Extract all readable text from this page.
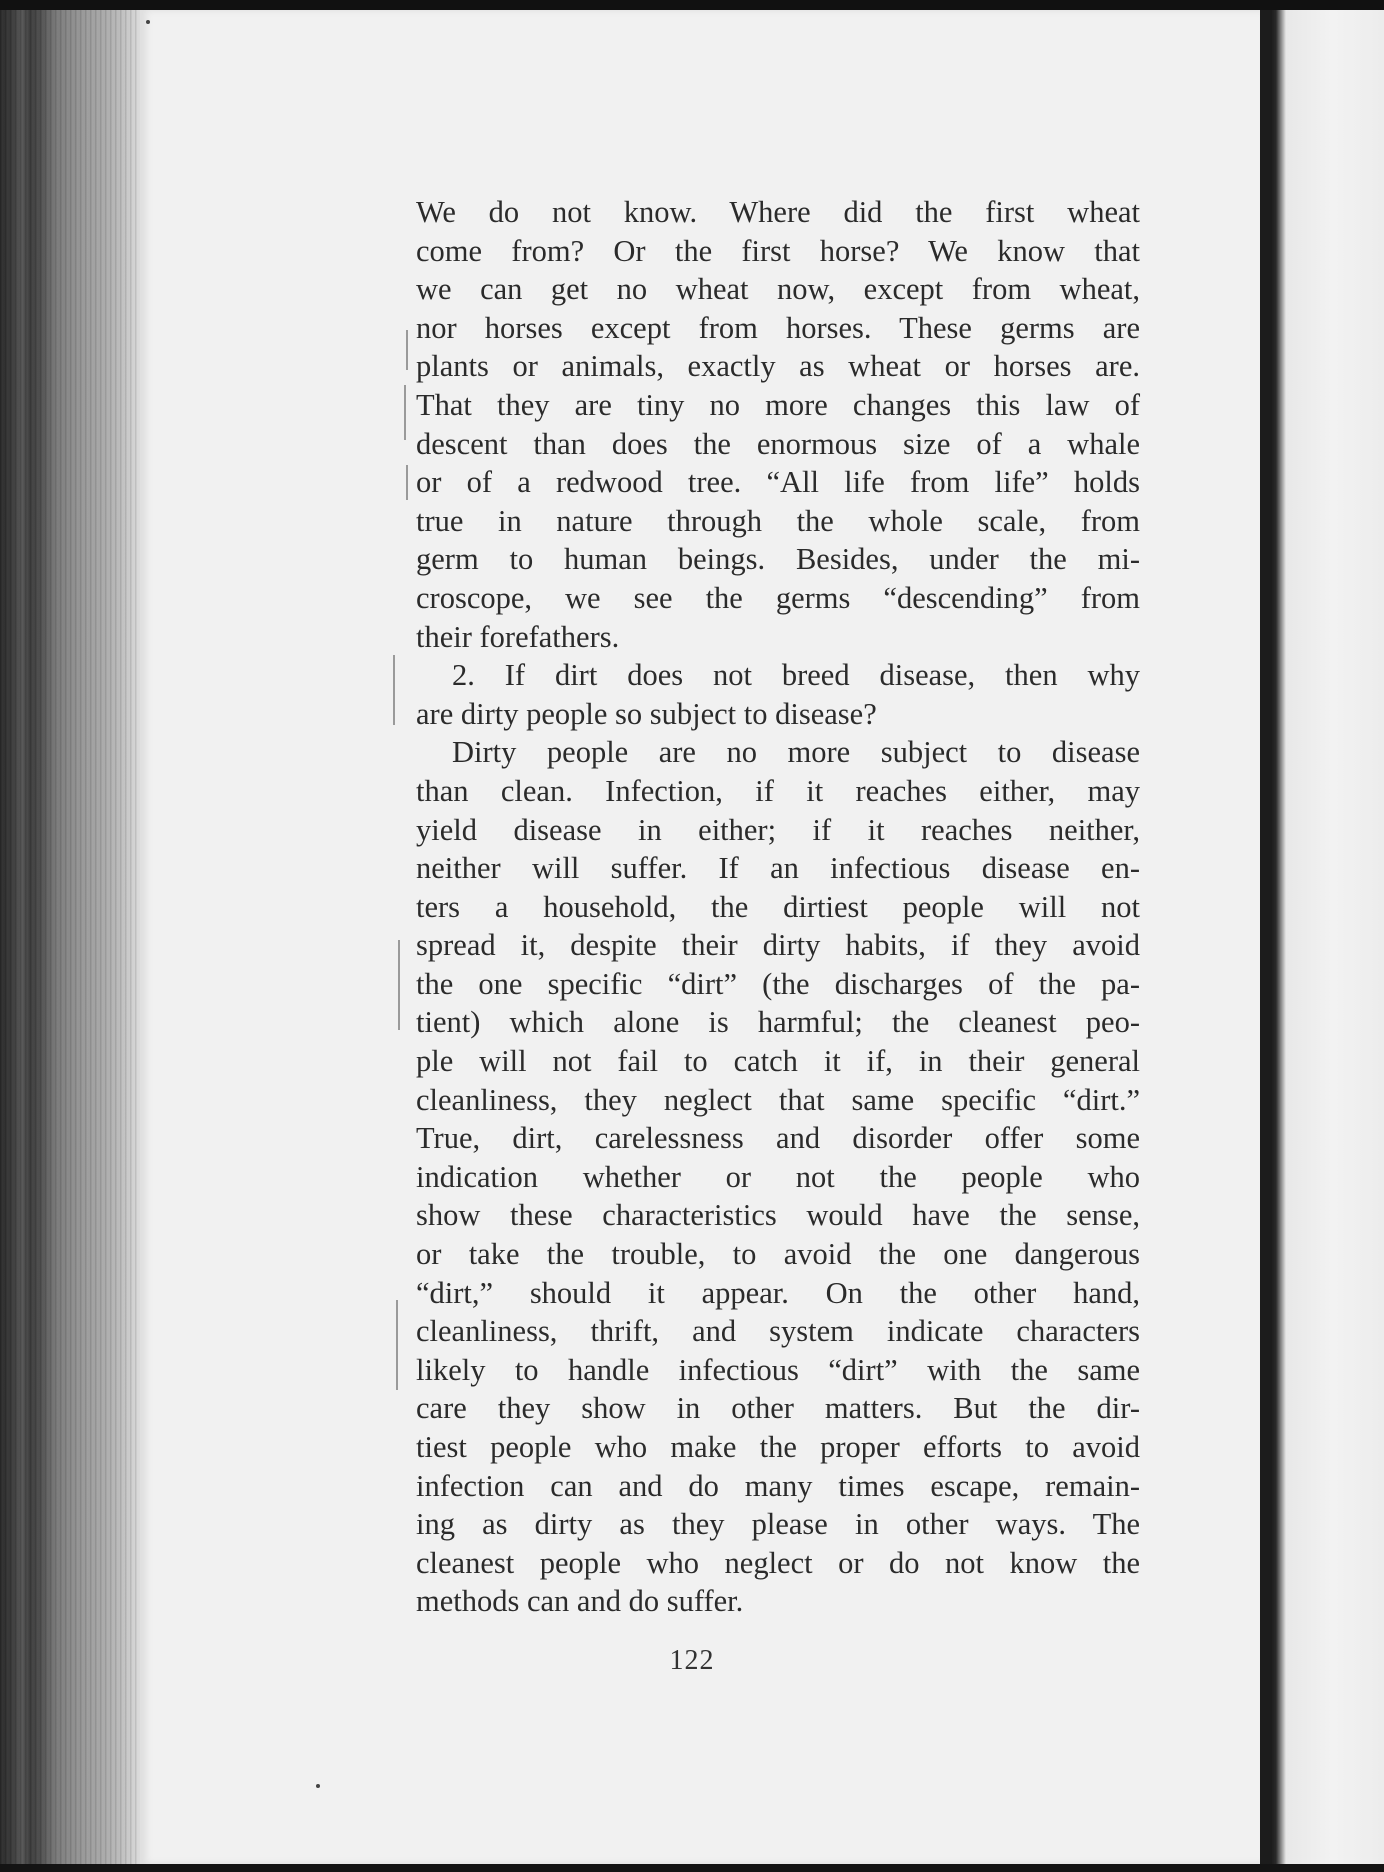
We do not know. Where did the first wheat
come from? Or the first horse? We know that
we can get no wheat now, except from wheat,
nor horses except from horses. These germs are
plants or animals, exactly as wheat or horses are.
That they are tiny no more changes this law of
descent than does the enormous size of a whale
or of a redwood tree. “All life from life” holds
true in nature through the whole scale, from
germ to human beings. Besides, under the mi-
croscope, we see the germs “descending” from
their forefathers.
2. If dirt does not breed disease, then why
are dirty people so subject to disease?
Dirty people are no more subject to disease
than clean. Infection, if it reaches either, may
yield disease in either; if it reaches neither,
neither will suffer. If an infectious disease en-
ters a household, the dirtiest people will not
spread it, despite their dirty habits, if they avoid
the one specific “dirt” (the discharges of the pa-
tient) which alone is harmful; the cleanest peo-
ple will not fail to catch it if, in their general
cleanliness, they neglect that same specific “dirt.”
True, dirt, carelessness and disorder offer some
indication whether or not the people who
show these characteristics would have the sense,
or take the trouble, to avoid the one dangerous
“dirt,” should it appear. On the other hand,
cleanliness, thrift, and system indicate characters
likely to handle infectious “dirt” with the same
care they show in other matters. But the dir-
tiest people who make the proper efforts to avoid
infection can and do many times escape, remain-
ing as dirty as they please in other ways. The
cleanest people who neglect or do not know the
methods can and do suffer.
122
